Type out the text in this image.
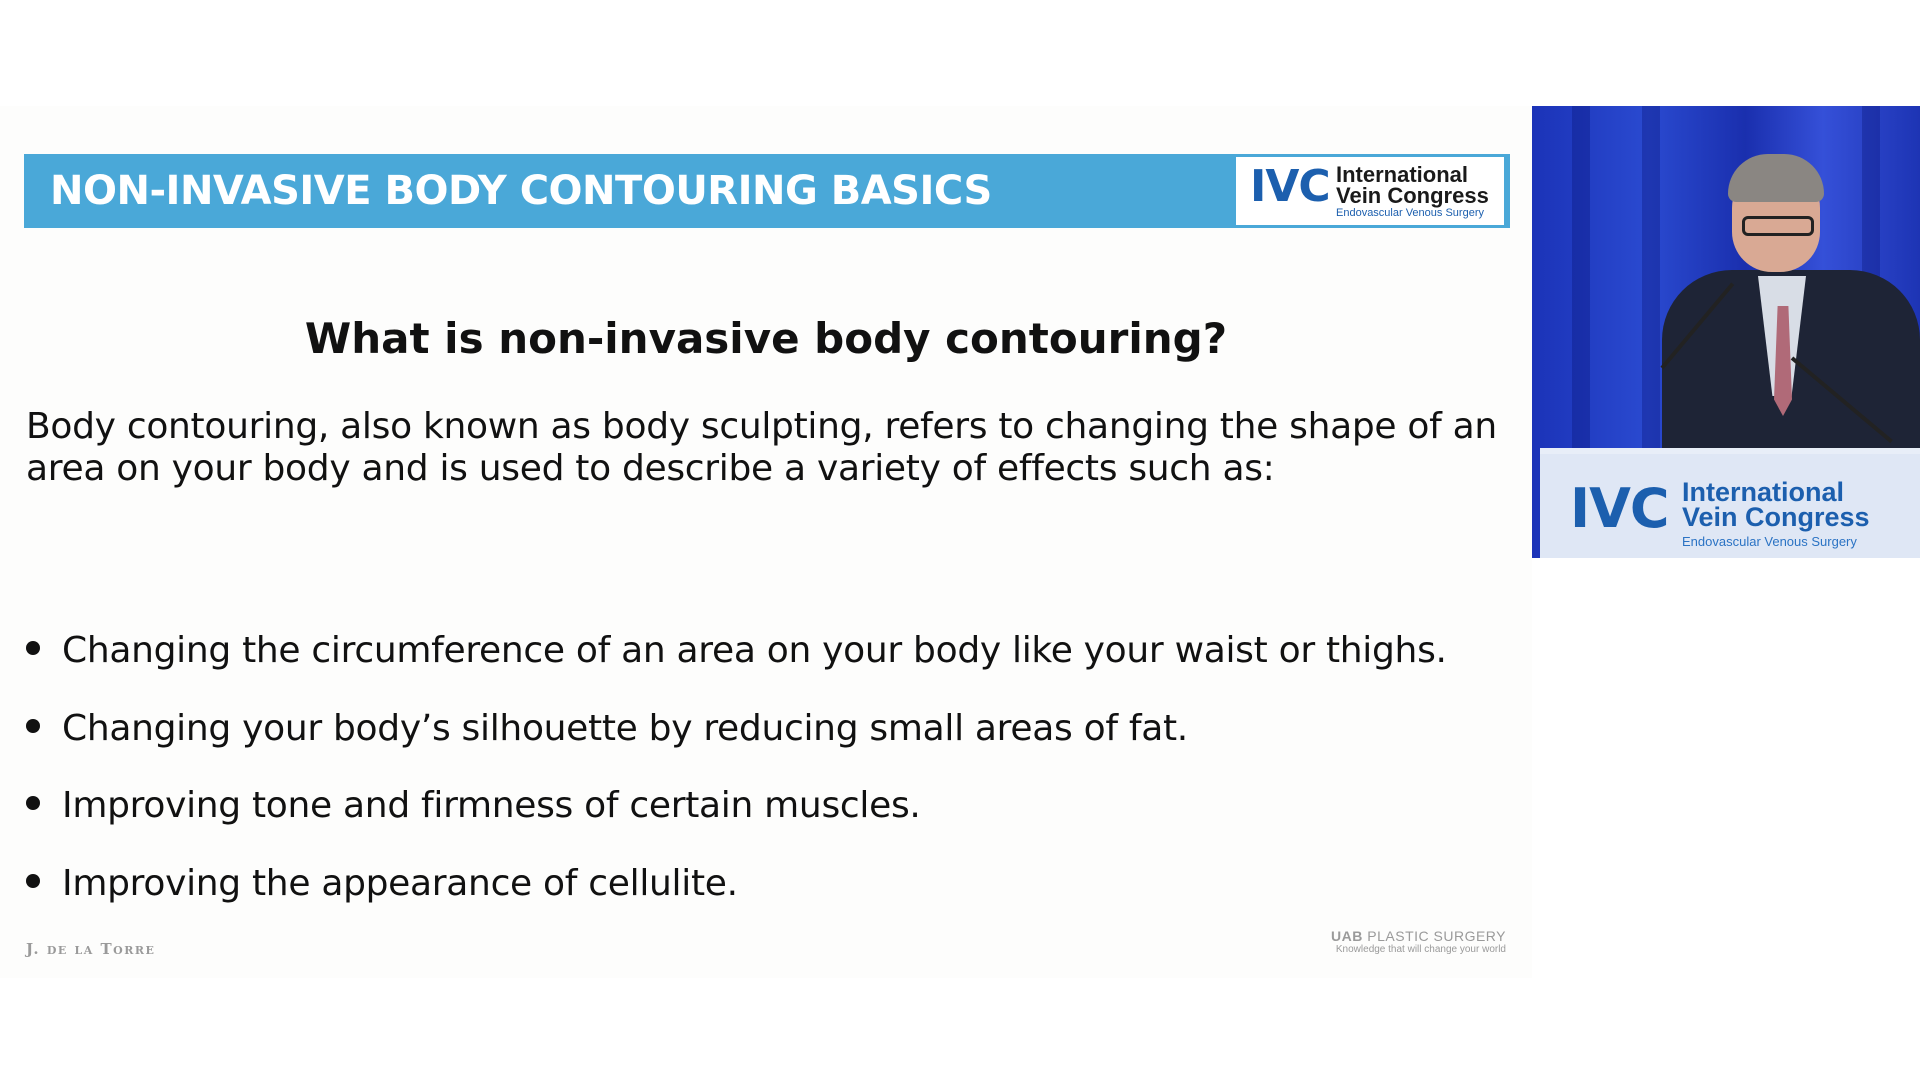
NON-INVASIVE BODY CONTOURING BASICS	IVC International
Vein Congress
Endovascular Venous Surgery
What is non-invasive body contouring?
Body contouring, also known as body sculpting, refers to changing the shape of an area on your body and is used to describe a variety of effects such as:
Changing the circumference of an area on your body like your waist or thighs.
Changing your body’s silhouette by reducing small areas of fat.
Improving tone and firmness of certain muscles.
Improving the appearance of cellulite.
J. de la Torre
UAB PLASTIC SURGERY
Knowledge that will change your world
IVC International
Vein Congress
Endovascular Venous Surgery
